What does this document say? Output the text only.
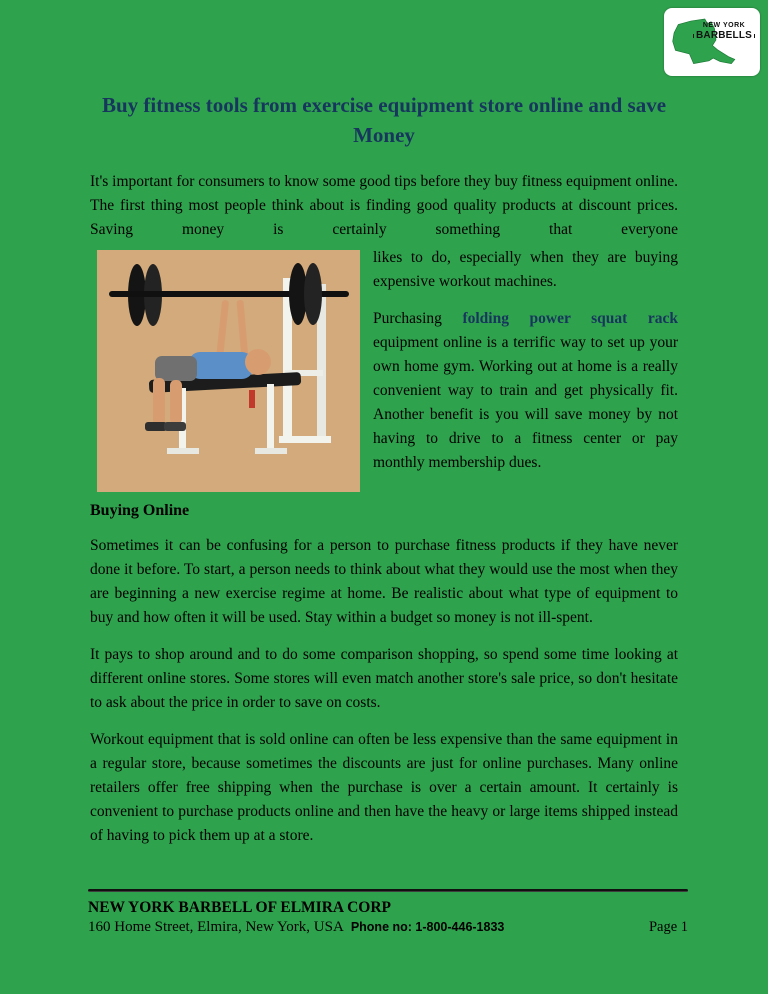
NEW YORK
BARBELLS
Buy fitness tools from exercise equipment store online and save Money

It's important for consumers to know some good tips before they buy fitness equipment online. The first thing most people think about is finding good quality products at discount prices. Saving money is certainly something that everyone

likes to do, especially when they are buying expensive workout machines.

Purchasing folding power squat rack equipment online is a terrific way to set up your own home gym. Working out at home is a really convenient way to train and get physically fit. Another benefit is you will save money by not having to drive to a fitness center or pay monthly membership dues.

Buying Online

Sometimes it can be confusing for a person to purchase fitness products if they have never done it before. To start, a person needs to think about what they would use the most when they are beginning a new exercise regime at home. Be realistic about what type of equipment to buy and how often it will be used. Stay within a budget so money is not ill-spent.

It pays to shop around and to do some comparison shopping, so spend some time looking at different online stores. Some stores will even match another store's sale price, so don't hesitate to ask about the price in order to save on costs.

Workout equipment that is sold online can often be less expensive than the same equipment in a regular store, because sometimes the discounts are just for online purchases. Many online retailers offer free shipping when the purchase is over a certain amount. It certainly is convenient to purchase products online and then have the heavy or large items shipped instead of having to pick them up at a store.

NEW YORK BARBELL OF ELMIRA CORP
160 Home Street, Elmira, New York, USA Phone no: 1-800-446-1833	Page 1
